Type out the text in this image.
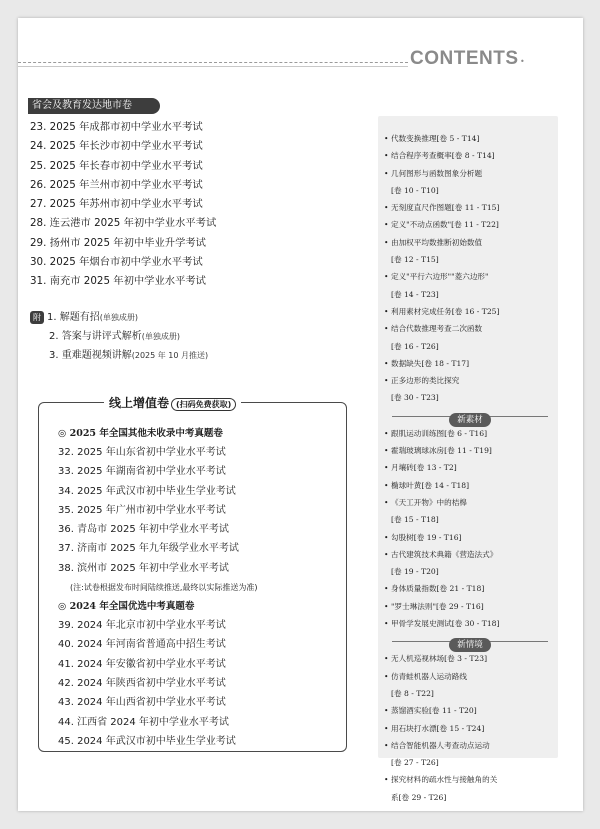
CONTENTS •
省会及教育发达地市卷
23. 2025 年成都市初中学业水平考试
24. 2025 年长沙市初中学业水平考试
25. 2025 年长春市初中学业水平考试
26. 2025 年兰州市初中学业水平考试
27. 2025 年苏州市初中学业水平考试
28. 连云港市 2025 年初中学业水平考试
29. 扬州市 2025 年初中毕业升学考试
30. 2025 年烟台市初中学业水平考试
31. 南充市 2025 年初中学业水平考试
附 1. 解题有招(单独成册)
2. 答案与讲评式解析(单独成册)
3. 重难题视频讲解(2025 年 10 月推送)
线上增值卷 (扫码免费获取)
◎ 2025 年全国其他未收录中考真题卷
32. 2025 年山东省初中学业水平考试
33. 2025 年湖南省初中学业水平考试
34. 2025 年武汉市初中毕业生学业考试
35. 2025 年广州市初中学业水平考试
36. 青岛市 2025 年初中学业水平考试
37. 济南市 2025 年九年级学业水平考试
38. 滨州市 2025 年初中学业水平考试
(注:试卷根据发布时间陆续推送,最终以实际推送为准)
◎ 2024 年全国优选中考真题卷
39. 2024 年北京市初中学业水平考试
40. 2024 年河南省普通高中招生考试
41. 2024 年安徽省初中学业水平考试
42. 2024 年陕西省初中学业水平考试
43. 2024 年山西省初中学业水平考试
44. 江西省 2024 年初中学业水平考试
45. 2024 年武汉市初中毕业生学业考试
• 代数变换推理[卷 5 - T14]
• 结合程序考查概率[卷 8 - T14]
• 几何图形与函数图象分析题
[卷 10 - T10]
• 无刻度直尺作图题[卷 11 - T15]
• 定义"不动点函数"[卷 11 - T22]
• 由加权平均数推断初始数值
[卷 12 - T15]
• 定义"平行六边形""菱六边形"
[卷 14 - T23]
• 利用素材完成任务[卷 16 - T25]
• 结合代数推理考查二次函数
[卷 16 - T26]
• 数据缺失[卷 18 - T17]
• 正多边形的类比探究
[卷 30 - T23]
新素材
• 跟肌运动训练图[卷 6 - T16]
• 霍瑞玻璃球冰房[卷 11 - T19]
• 月壤砖[卷 13 - T2]
• 椭球叶黄[卷 14 - T18]
• 《天工开物》中的桔槔
[卷 15 - T18]
• 勾股树[卷 19 - T16]
• 古代建筑技术典籍《营造法式》
[卷 19 - T20]
• 身体质量指数[卷 21 - T18]
• "罗士琳法则"[卷 29 - T16]
• 甲骨学发展史测试[卷 30 - T18]
新情境
• 无人机巡视林场[卷 3 - T23]
• 仿青蛙机器人运动路线
[卷 8 - T22]
• 蒸馏酒实验[卷 11 - T20]
• 用石块打水漂[卷 15 - T24]
• 结合智能机器人考查动点运动
[卷 27 - T26]
• 探究材料的疏水性与接触角的关
系[卷 29 - T26]
